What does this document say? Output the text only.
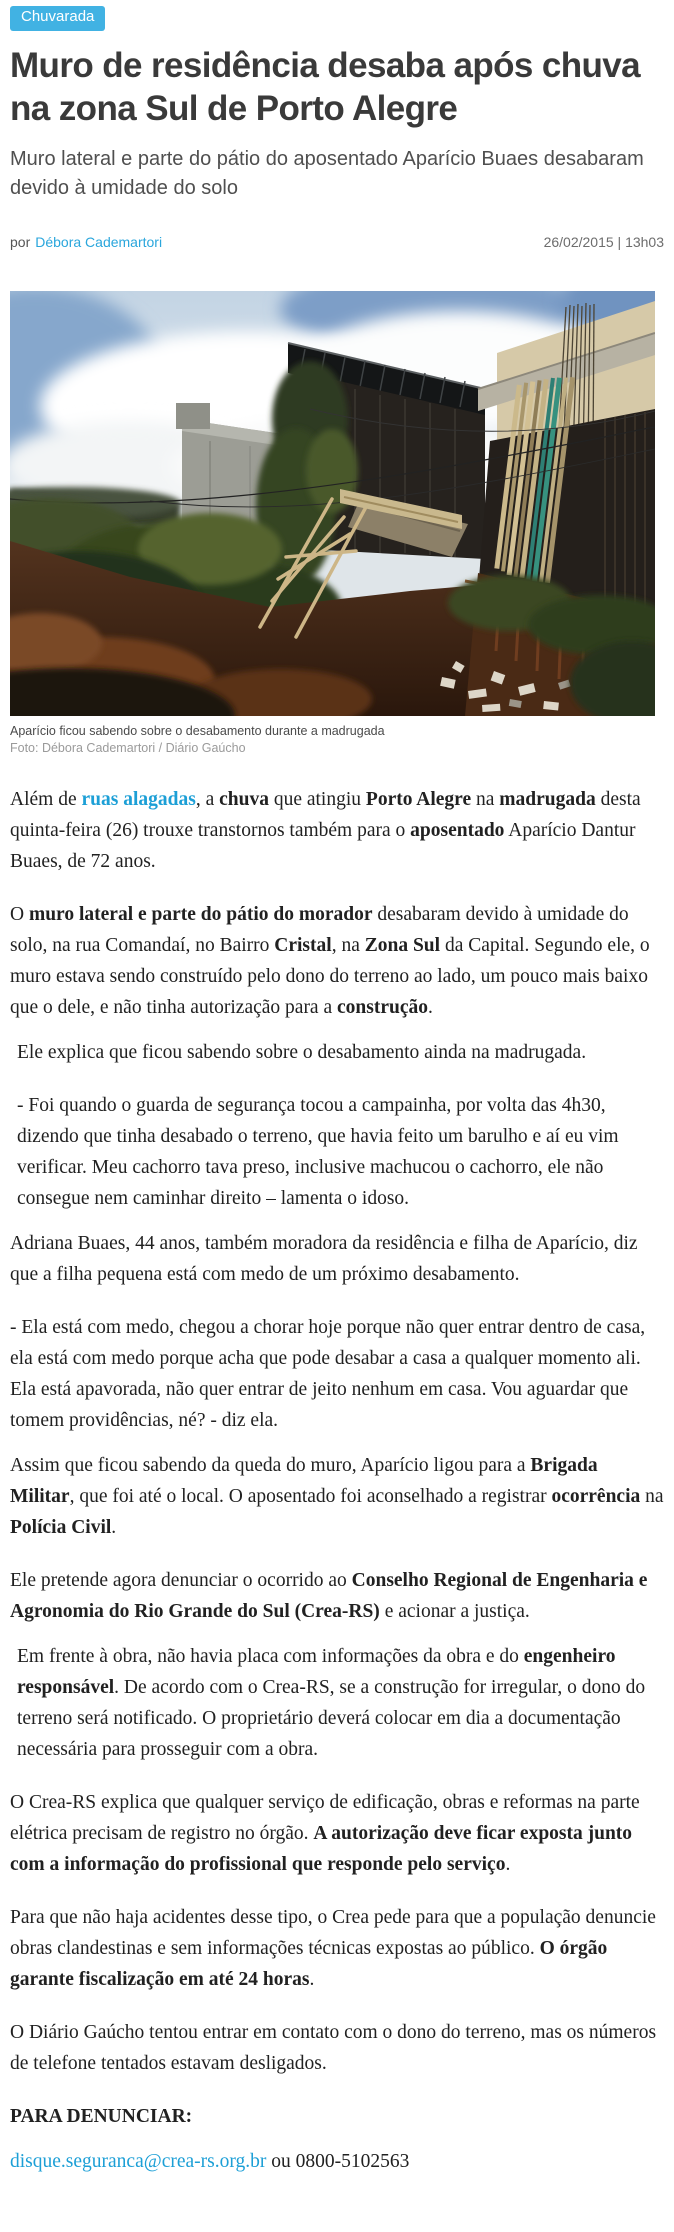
Chuvarada
Muro de residência desaba após chuva na zona Sul de Porto Alegre
Muro lateral e parte do pátio do aposentado Aparício Buaes desabaram devido à umidade do solo
por Débora Cademartori	26/02/2015 | 13h03
Aparício ficou sabendo sobre o desabamento durante a madrugada
Foto: Débora Cademartori / Diário Gaúcho

Além de ruas alagadas, a chuva que atingiu Porto Alegre na madrugada desta quinta-feira (26) trouxe transtornos também para o aposentado Aparício Dantur Buaes, de 72 anos.

O muro lateral e parte do pátio do morador desabaram devido à umidade do solo, na rua Comandaí, no Bairro Cristal, na Zona Sul da Capital. Segundo ele, o muro estava sendo construído pelo dono do terreno ao lado, um pouco mais baixo que o dele, e não tinha autorização para a construção.

Ele explica que ficou sabendo sobre o desabamento ainda na madrugada.

- Foi quando o guarda de segurança tocou a campainha, por volta das 4h30, dizendo que tinha desabado o terreno, que havia feito um barulho e aí eu vim verificar. Meu cachorro tava preso, inclusive machucou o cachorro, ele não consegue nem caminhar direito – lamenta o idoso.

Adriana Buaes, 44 anos, também moradora da residência e filha de Aparício, diz que a filha pequena está com medo de um próximo desabamento.

- Ela está com medo, chegou a chorar hoje porque não quer entrar dentro de casa, ela está com medo porque acha que pode desabar a casa a qualquer momento ali. Ela está apavorada, não quer entrar de jeito nenhum em casa. Vou aguardar que tomem providências, né? - diz ela.

Assim que ficou sabendo da queda do muro, Aparício ligou para a Brigada Militar, que foi até o local. O aposentado foi aconselhado a registrar ocorrência na Polícia Civil.

Ele pretende agora denunciar o ocorrido ao Conselho Regional de Engenharia e Agronomia do Rio Grande do Sul (Crea-RS) e acionar a justiça.

Em frente à obra, não havia placa com informações da obra e do engenheiro responsável. De acordo com o Crea-RS, se a construção for irregular, o dono do terreno será notificado. O proprietário deverá colocar em dia a documentação necessária para prosseguir com a obra.

O Crea-RS explica que qualquer serviço de edificação, obras e reformas na parte elétrica precisam de registro no órgão. A autorização deve ficar exposta junto com a informação do profissional que responde pelo serviço.

Para que não haja acidentes desse tipo, o Crea pede para que a população denuncie obras clandestinas e sem informações técnicas expostas ao público. O órgão garante fiscalização em até 24 horas.

O Diário Gaúcho tentou entrar em contato com o dono do terreno, mas os números de telefone tentados estavam desligados.

PARA DENUNCIAR:

disque.seguranca@crea-rs.org.br ou 0800-5102563
